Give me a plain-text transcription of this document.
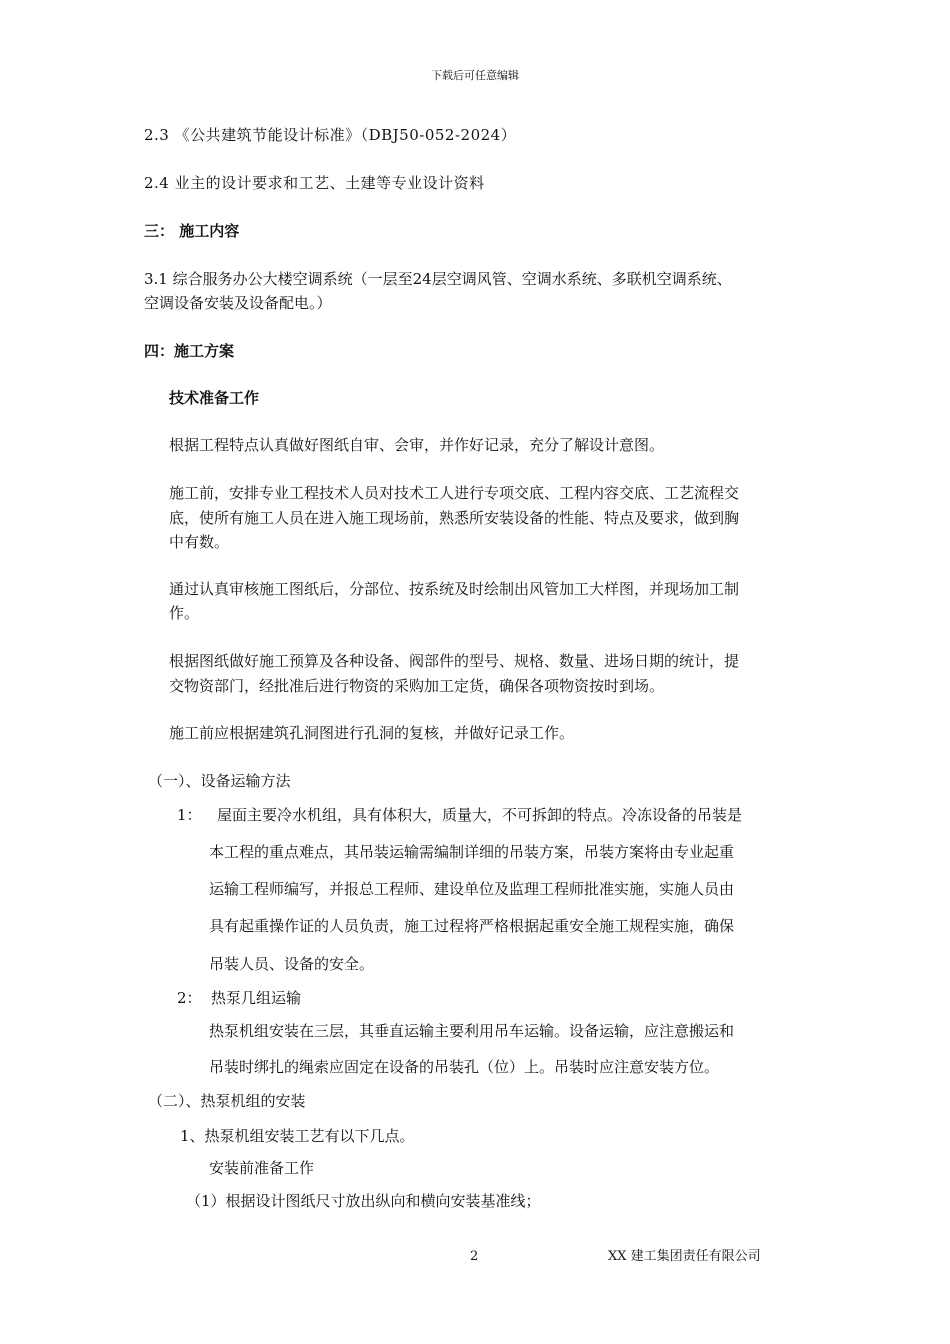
下载后可任意编辑
2.3 《公共建筑节能设计标准》（DBJ50-052-2024）
2.4 业主的设计要求和工艺、土建等专业设计资料
三： 施工内容
3.1 综合服务办公大楼空调系统（一层至24层空调风管、空调水系统、多联机空调系统、
空调设备安装及设备配电。）
四：施工方案
技术准备工作
根据工程特点认真做好图纸自审、会审，并作好记录，充分了解设计意图。
施工前，安排专业工程技术人员对技术工人进行专项交底、工程内容交底、工艺流程交
底，使所有施工人员在进入施工现场前，熟悉所安装设备的性能、特点及要求，做到胸
中有数。
通过认真审核施工图纸后，分部位、按系统及时绘制出风管加工大样图，并现场加工制
作。
根据图纸做好施工预算及各种设备、阀部件的型号、规格、数量、进场日期的统计，提
交物资部门，经批准后进行物资的采购加工定货，确保各项物资按时到场。
施工前应根据建筑孔洞图进行孔洞的复核，并做好记录工作。
（一）、设备运输方法
1： 屋面主要冷水机组，具有体积大，质量大，不可拆卸的特点。冷冻设备的吊装是
本工程的重点难点，其吊装运输需编制详细的吊装方案，吊装方案将由专业起重
运输工程师编写，并报总工程师、建设单位及监理工程师批准实施，实施人员由
具有起重操作证的人员负责，施工过程将严格根据起重安全施工规程实施，确保
吊装人员、设备的安全。
2： 热泵几组运输
热泵机组安装在三层，其垂直运输主要利用吊车运输。设备运输，应注意搬运和
吊装时绑扎的绳索应固定在设备的吊装孔（位）上。吊装时应注意安装方位。
（二）、热泵机组的安装
1、热泵机组安装工艺有以下几点。
安装前准备工作
（1）根据设计图纸尺寸放出纵向和横向安装基准线；
2	XX 建工集团责任有限公司
